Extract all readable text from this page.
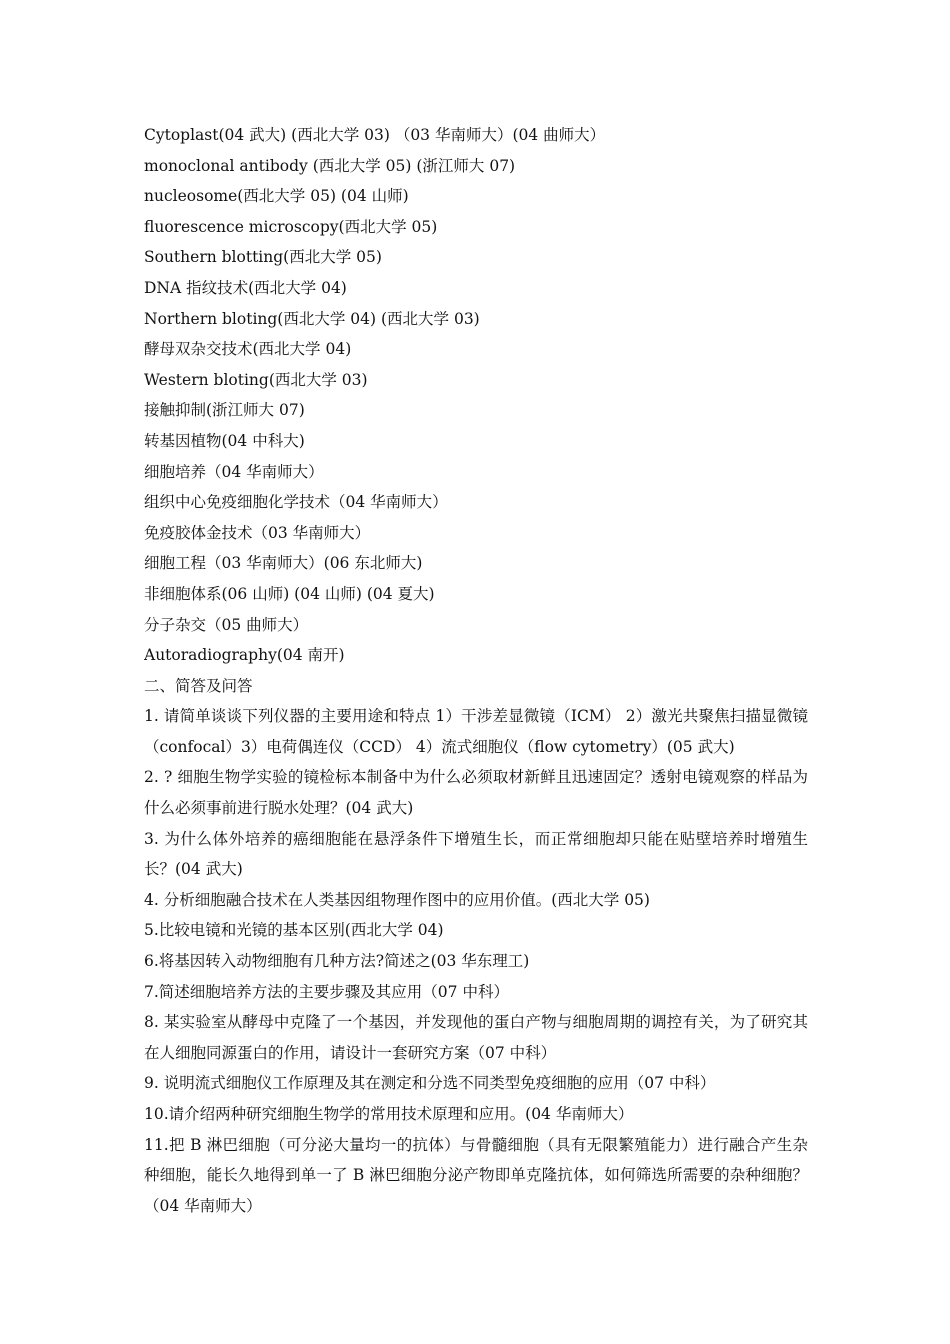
Cytoplast(04 武大) (西北大学 03) （03 华南师大）(04 曲师大）
monoclonal antibody (西北大学 05) (浙江师大 07)
nucleosome(西北大学 05) (04 山师)
fluorescence microscopy(西北大学 05)
Southern blotting(西北大学 05)
DNA 指纹技术(西北大学 04)
Northern bloting(西北大学 04) (西北大学 03)
酵母双杂交技术(西北大学 04)
Western bloting(西北大学 03)
接触抑制(浙江师大 07)
转基因植物(04 中科大)
细胞培养（04 华南师大）
组织中心免疫细胞化学技术（04 华南师大）
免疫胶体金技术（03 华南师大）
细胞工程（03 华南师大）(06 东北师大)
非细胞体系(06 山师) (04 山师) (04 夏大)
分子杂交（05 曲师大）
Autoradiography(04 南开)
二、简答及问答
1. 请简单谈谈下列仪器的主要用途和特点 1）干涉差显微镜（ICM） 2）激光共聚焦扫描显微镜（confocal）3）电荷偶连仪（CCD） 4）流式细胞仪（flow cytometry）(05 武大)
2. ? 细胞生物学实验的镜检标本制备中为什么必须取材新鲜且迅速固定？透射电镜观察的样品为什么必须事前进行脱水处理？(04 武大)
3. 为什么体外培养的癌细胞能在悬浮条件下增殖生长，而正常细胞却只能在贴壁培养时增殖生长？(04 武大)
4. 分析细胞融合技术在人类基因组物理作图中的应用价值。(西北大学 05)
5.比较电镜和光镜的基本区别(西北大学 04)
6.将基因转入动物细胞有几种方法?简述之(03 华东理工)
7.简述细胞培养方法的主要步骤及其应用（07 中科）
8. 某实验室从酵母中克隆了一个基因，并发现他的蛋白产物与细胞周期的调控有关，为了研究其在人细胞同源蛋白的作用，请设计一套研究方案（07 中科）
9. 说明流式细胞仪工作原理及其在测定和分选不同类型免疫细胞的应用（07 中科）
10.请介绍两种研究细胞生物学的常用技术原理和应用。(04 华南师大）
11.把 B 淋巴细胞（可分泌大量均一的抗体）与骨髓细胞（具有无限繁殖能力）进行融合产生杂种细胞，能长久地得到单一了 B 淋巴细胞分泌产物即单克隆抗体，如何筛选所需要的杂种细胞？（04 华南师大）
